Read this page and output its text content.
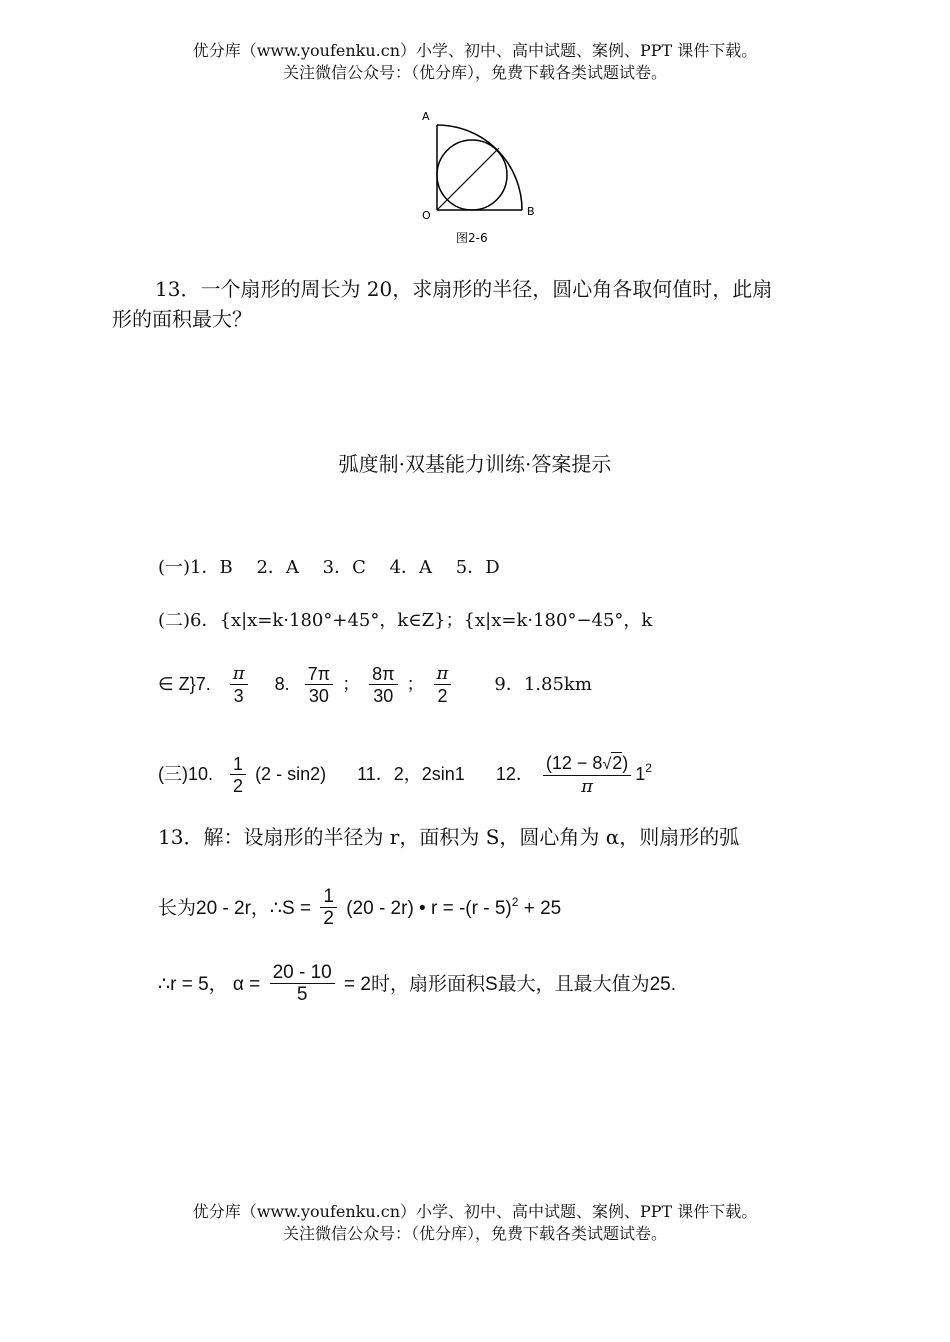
优分库（www.youfenku.cn）小学、初中、高中试题、案例、PPT 课件下载。
关注微信公众号：（优分库），免费下载各类试题试卷。
A
O	B
图2-6
13．一个扇形的周长为 20，求扇形的半径，圆心角各取何值时，此扇
形的面积最大？
弧度制·双基能力训练·答案提示
(一)1．B　 2．A　 3．C　 4．A　 5．D
(二)6．{x|x=k·180°+45°，k∈Z}；{x|x=k·180°−45°，k
∈ Z}7. $\frac{\pi}{3} 8$. $\frac{7\pi}{30}$ ； $\frac{8\pi}{30}$ ； $\frac{\pi}{2} 9$．1.85km
(三)10. $\frac{1}{2} (2 - \sin 2)$ 11．2，2sin1 12． $\frac{(12 - 8√2)}{\pi} 1^2$
13．解：设扇形的半径为 r，面积为 S，圆心角为 α，则扇形的弧
长为20 - 2r，∴S = $\frac{1}{2} (20 - 2r)$ • r = -(r - 5)$^2$ + 25
∴r = 5， $\alpha = \frac{20 - 10}{5} = 2$时，扇形面积S最大，且最大值为25.
优分库（www.youfenku.cn）小学、初中、高中试题、案例、PPT 课件下载。
关注微信公众号：（优分库），免费下载各类试题试卷。
